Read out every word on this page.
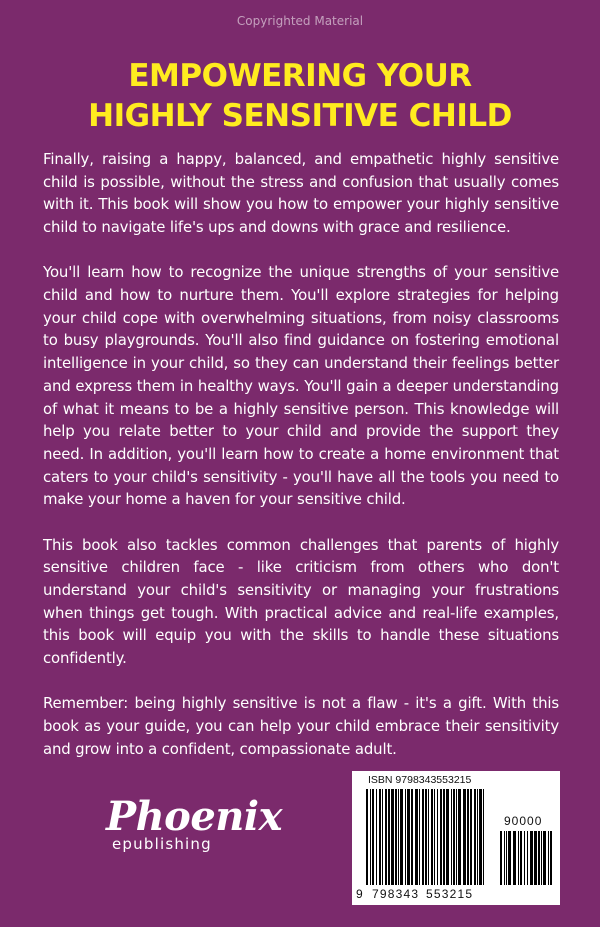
Copyrighted Material
EMPOWERING YOUR
HIGHLY SENSITIVE CHILD

Finally, raising a happy, balanced, and empathetic highly sensitive child is possible, without the stress and confusion that usually comes with it. This book will show you how to empower your highly sensitive child to navigate life's ups and downs with grace and resilience.

You'll learn how to recognize the unique strengths of your sensitive child and how to nurture them. You'll explore strategies for helping your child cope with overwhelming situations, from noisy classrooms to busy playgrounds. You'll also find guidance on fostering emotional intelligence in your child, so they can understand their feelings better and express them in healthy ways. You'll gain a deeper understanding of what it means to be a highly sensitive person. This knowledge will help you relate better to your child and provide the support they need. In addition, you'll learn how to create a home environment that caters to your child's sensitivity - you'll have all the tools you need to make your home a haven for your sensitive child.

This book also tackles common challenges that parents of highly sensitive children face - like criticism from others who don't understand your child's sensitivity or managing your frustrations when things get tough. With practical advice and real-life examples, this book will equip you with the skills to handle these situations confidently.

Remember: being highly sensitive is not a flaw - it's a gift. With this book as your guide, you can help your child embrace their sensitivity and grow into a confident, compassionate adult.

Phoenix
epublishing
ISBN 9798343553215
90000
9 798343 553215
